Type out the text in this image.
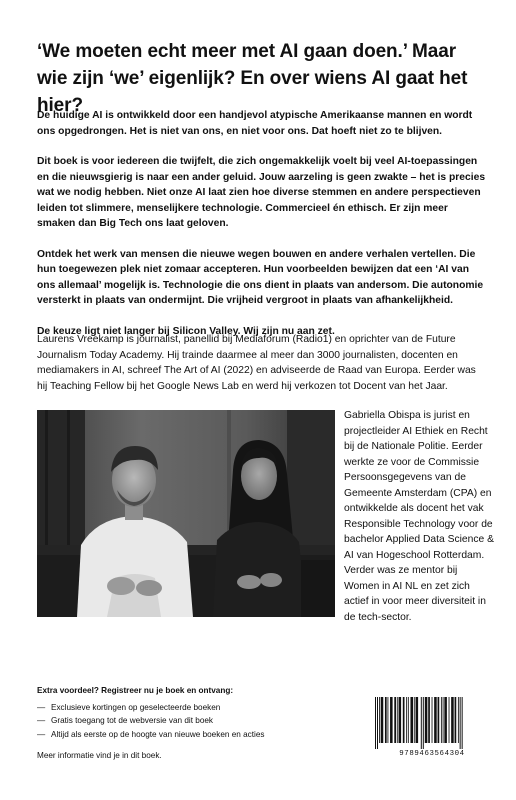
‘We moeten echt meer met AI gaan doen.’ Maar wie zijn ‘we’ eigenlijk? En over wiens AI gaat het hier?

De huidige AI is ontwikkeld door een handjevol atypische Amerikaanse mannen en wordt ons opgedrongen. Het is niet van ons, en niet voor ons. Dat hoeft niet zo te blijven.

Dit boek is voor iedereen die twijfelt, die zich ongemakkelijk voelt bij veel AI-toepassingen en die nieuwsgierig is naar een ander geluid. Jouw aarzeling is geen zwakte – het is precies wat we nodig hebben. Niet onze AI laat zien hoe diverse stemmen en andere perspectieven leiden tot slimmere, menselijkere technologie. Commercieel én ethisch. Er zijn meer smaken dan Big Tech ons laat geloven.

Ontdek het werk van mensen die nieuwe wegen bouwen en andere verhalen vertellen. Die hun toegewezen plek niet zomaar accepteren. Hun voorbeelden bewijzen dat een ‘AI van ons allemaal’ mogelijk is. Technologie die ons dient in plaats van andersom. Die autonomie versterkt in plaats van ondermijnt. Die vrijheid vergroot in plaats van afhankelijkheid.

De keuze ligt niet langer bij Silicon Valley. Wij zijn nu aan zet.

Laurens Vreekamp is journalist, panellid bij Mediaforum (Radio1) en oprichter van de Future Journalism Today Academy. Hij trainde daarmee al meer dan 3000 journalisten, docenten en mediamakers in AI, schreef The Art of AI (2022) en adviseerde de Raad van Europa. Eerder was hij Teaching Fellow bij het Google News Lab en werd hij verkozen tot Docent van het Jaar.

Gabriella Obispa is jurist en projectleider AI Ethiek en Recht bij de Nationale Politie. Eerder werkte ze voor de Commissie Persoonsgegevens van de Gemeente Amsterdam (CPA) en ontwikkelde als docent het vak Responsible Technology voor de bachelor Applied Data Science & AI van Hogeschool Rotterdam. Verder was ze mentor bij Women in AI NL en zet zich actief in voor meer diversiteit in de tech-sector.

Extra voordeel? Registreer nu je boek en ontvang:

— Exclusieve kortingen op geselecteerde boeken
— Gratis toegang tot de webversie van dit boek
— Altijd als eerste op de hoogte van nieuwe boeken en acties

Meer informatie vind je in dit boek.	9789463564304
